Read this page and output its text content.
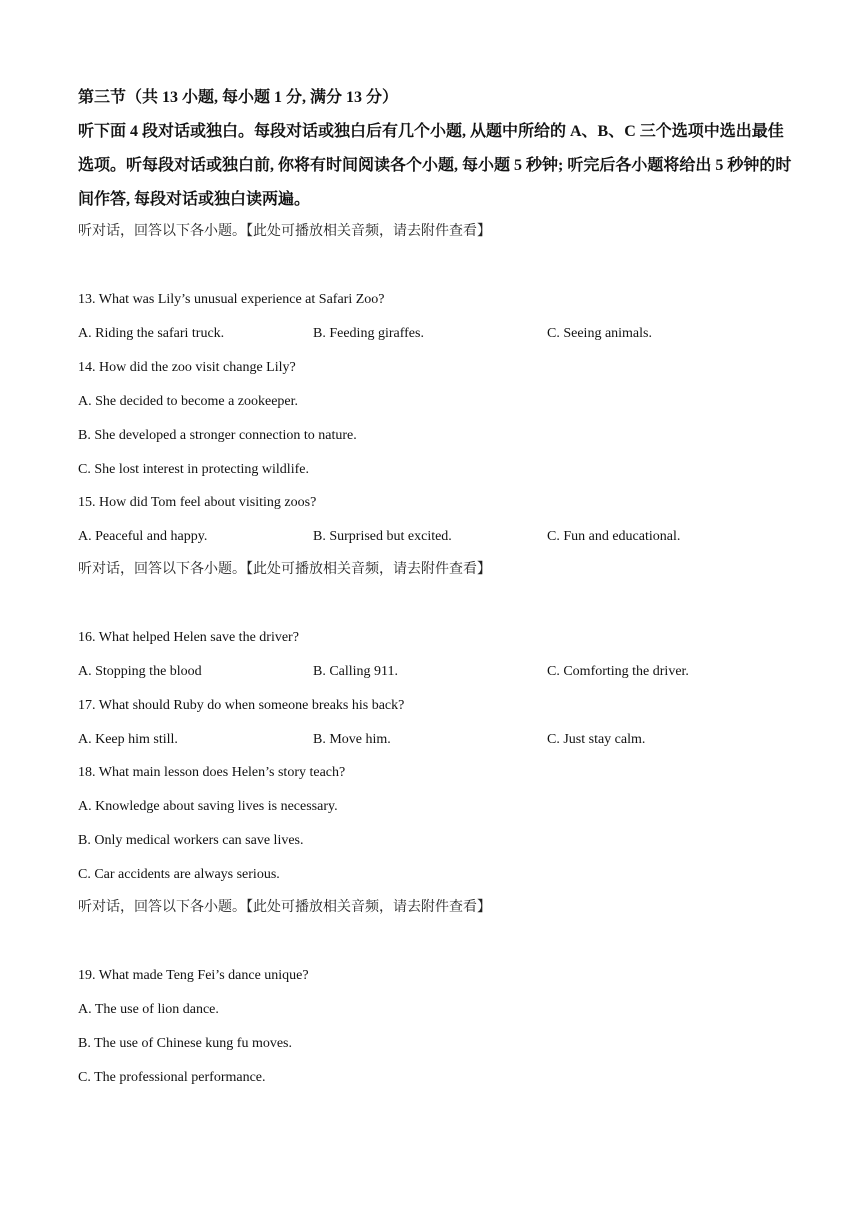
第三节（共 13 小题, 每小题 1 分, 满分 13 分）
听下面 4 段对话或独白。每段对话或独白后有几个小题, 从题中所给的 A、B、C 三个选项中选出最佳选项。听每段对话或独白前, 你将有时间阅读各个小题, 每小题 5 秒钟; 听完后各小题将给出 5 秒钟的时间作答, 每段对话或独白读两遍。
听对话，回答以下各小题。【此处可播放相关音频，请去附件查看】
13. What was Lily’s unusual experience at Safari Zoo?
A. Riding the safari truck.	B. Feeding giraffes.	C. Seeing animals.
14. How did the zoo visit change Lily?
A. She decided to become a zookeeper.
B. She developed a stronger connection to nature.
C. She lost interest in protecting wildlife.
15. How did Tom feel about visiting zoos?
A. Peaceful and happy.	B. Surprised but excited.	C. Fun and educational.
听对话，回答以下各小题。【此处可播放相关音频，请去附件查看】
16. What helped Helen save the driver?
A. Stopping the blood	B. Calling 911.	C. Comforting the driver.
17. What should Ruby do when someone breaks his back?
A. Keep him still.	B. Move him.	C. Just stay calm.
18. What main lesson does Helen’s story teach?
A. Knowledge about saving lives is necessary.
B. Only medical workers can save lives.
C. Car accidents are always serious.
听对话，回答以下各小题。【此处可播放相关音频，请去附件查看】
19. What made Teng Fei’s dance unique?
A. The use of lion dance.
B. The use of Chinese kung fu moves.
C. The professional performance.
